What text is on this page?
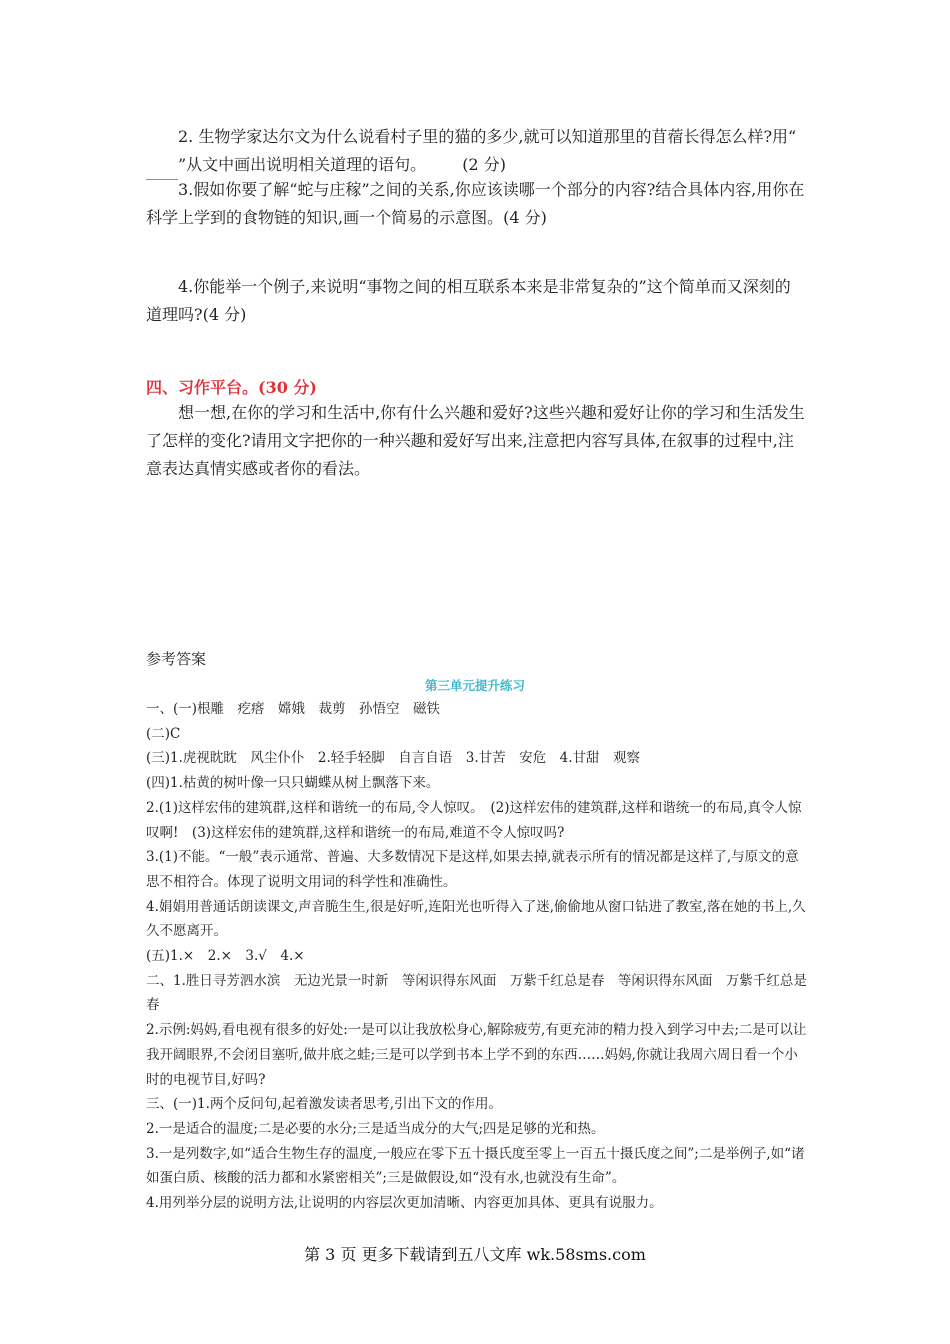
2. 生物学家达尔文为什么说看村子里的猫的多少,就可以知道那里的苜蓿长得怎么样?用“”从文中画出说明相关道理的语句。 (2 分)
3.假如你要了解“蛇与庄稼”之间的关系,你应该读哪一个部分的内容?结合具体内容,用你在科学上学到的食物链的知识,画一个简易的示意图。(4 分)
4.你能举一个例子,来说明“事物之间的相互联系本来是非常复杂的”这个简单而又深刻的道理吗?(4 分)
四、习作平台。(30 分)
想一想,在你的学习和生活中,你有什么兴趣和爱好?这些兴趣和爱好让你的学习和生活发生了怎样的变化?请用文字把你的一种兴趣和爱好写出来,注意把内容写具体,在叙事的过程中,注意表达真情实感或者你的看法。
参考答案
第三单元提升练习
一、(一)根雕　疙瘩　嫦娥　裁剪　孙悟空　磁铁
(二)C
(三)1.虎视眈眈　风尘仆仆　2.轻手轻脚　自言自语　3.甘苦　安危　4.甘甜　观察
(四)1.枯黄的树叶像一只只蝴蝶从树上飘落下来。
2.(1)这样宏伟的建筑群,这样和谐统一的布局,令人惊叹。　(2)这样宏伟的建筑群,这样和谐统一的布局,真令人惊叹啊!　(3)这样宏伟的建筑群,这样和谐统一的布局,难道不令人惊叹吗?
3.(1)不能。“一般”表示通常、普遍、大多数情况下是这样,如果去掉,就表示所有的情况都是这样了,与原文的意思不相符合。体现了说明文用词的科学性和准确性。
4.娟娟用普通话朗读课文,声音脆生生,很是好听,连阳光也听得入了迷,偷偷地从窗口钻进了教室,落在她的书上,久久不愿离开。
(五)1.×　2.×　3.√　4.×
二、1.胜日寻芳泗水滨　无边光景一时新　等闲识得东风面　万紫千红总是春　等闲识得东风面　万紫千红总是春
2.示例:妈妈,看电视有很多的好处:一是可以让我放松身心,解除疲劳,有更充沛的精力投入到学习中去;二是可以让我开阔眼界,不会闭目塞听,做井底之蛙;三是可以学到书本上学不到的东西……妈妈,你就让我周六周日看一个小时的电视节目,好吗?
三、(一)1.两个反问句,起着激发读者思考,引出下文的作用。
2.一是适合的温度;二是必要的水分;三是适当成分的大气;四是足够的光和热。
3.一是列数字,如“适合生物生存的温度,一般应在零下五十摄氏度至零上一百五十摄氏度之间”;二是举例子,如“诸如蛋白质、核酸的活力都和水紧密相关”;三是做假设,如“没有水,也就没有生命”。
4.用列举分层的说明方法,让说明的内容层次更加清晰、内容更加具体、更具有说服力。
第 3 页 更多下载请到五八文库 wk.58sms.com
